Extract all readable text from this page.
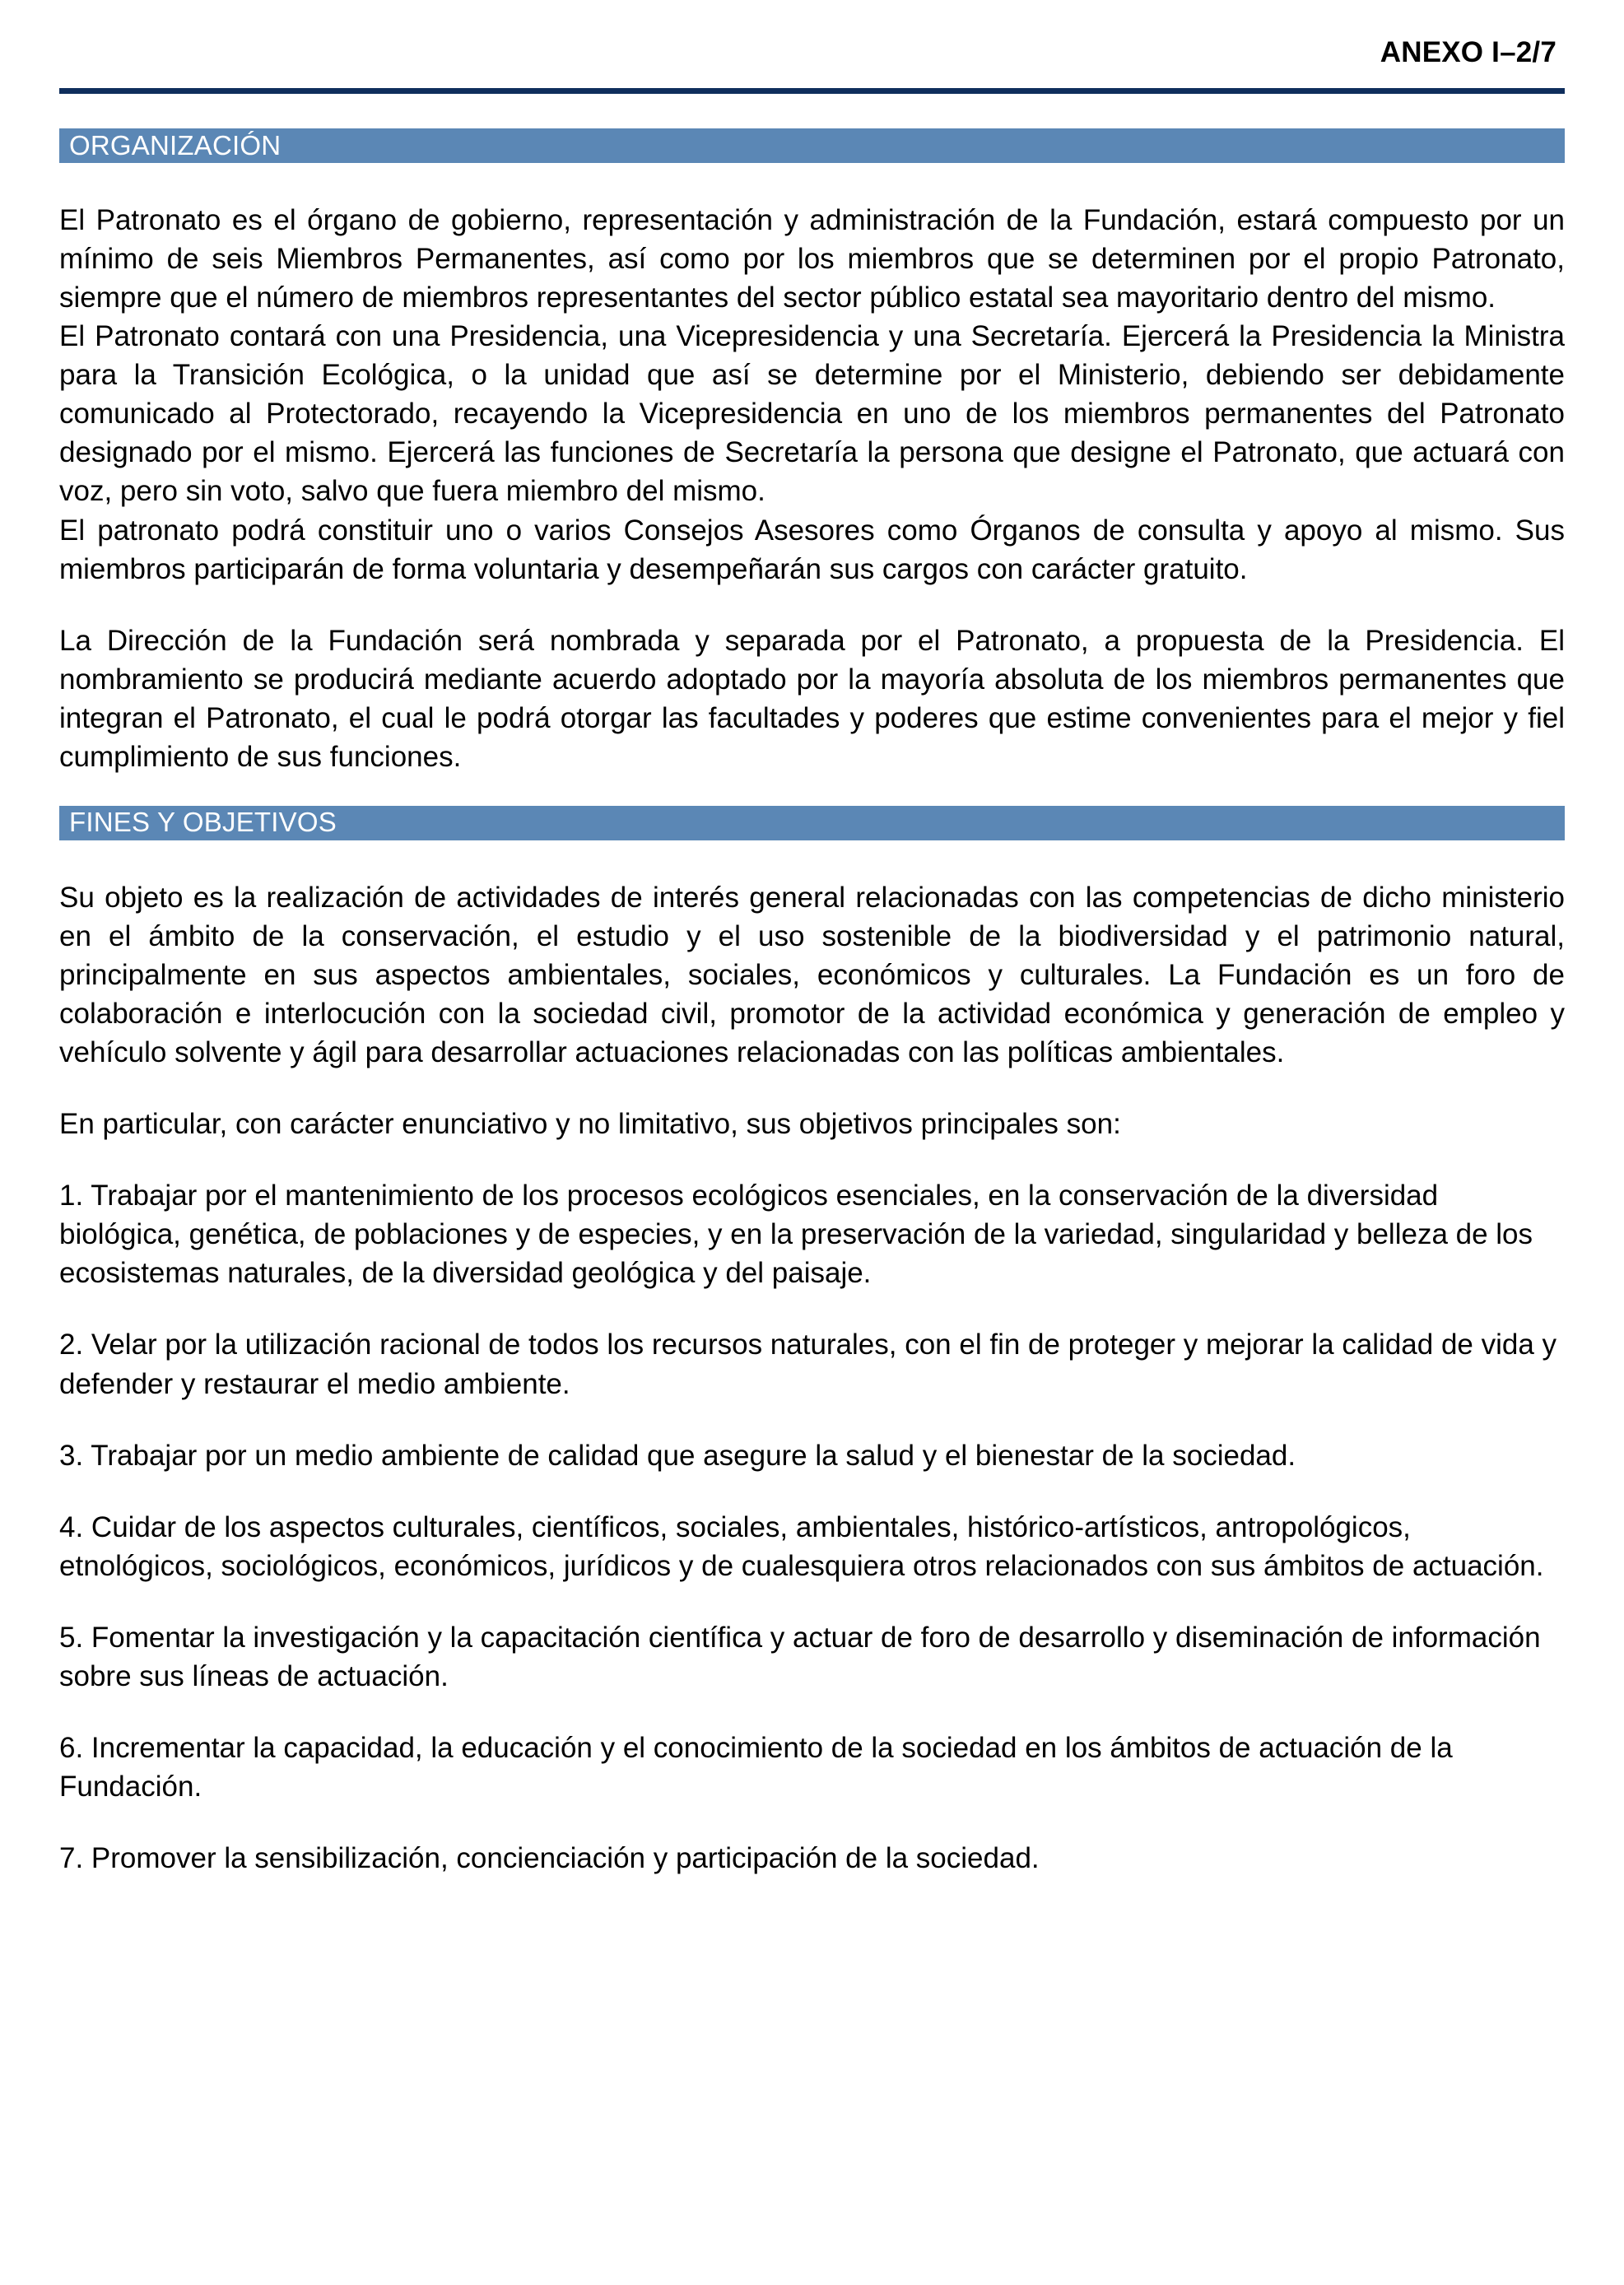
ANEXO I–2/7
ORGANIZACIÓN

El Patronato es el órgano de gobierno, representación y administración de la Fundación, estará compuesto por un mínimo de seis Miembros Permanentes, así como por los miembros que se determinen por el propio Patronato, siempre que el número de miembros representantes del sector público estatal sea mayoritario dentro del mismo.

El Patronato contará con una Presidencia, una Vicepresidencia y una Secretaría. Ejercerá la Presidencia la Ministra para la Transición Ecológica, o la unidad que así se determine por el Ministerio, debiendo ser debidamente comunicado al Protectorado, recayendo la Vicepresidencia en uno de los miembros permanentes del Patronato designado por el mismo. Ejercerá las funciones de Secretaría la persona que designe el Patronato, que actuará con voz, pero sin voto, salvo que fuera miembro del mismo.

El patronato podrá constituir uno o varios Consejos Asesores como Órganos de consulta y apoyo al mismo. Sus miembros participarán de forma voluntaria y desempeñarán sus cargos con carácter gratuito.

La Dirección de la Fundación será nombrada y separada por el Patronato, a propuesta de la Presidencia. El nombramiento se producirá mediante acuerdo adoptado por la mayoría absoluta de los miembros permanentes que integran el Patronato, el cual le podrá otorgar las facultades y poderes que estime convenientes para el mejor y fiel cumplimiento de sus funciones.

FINES Y OBJETIVOS

Su objeto es la realización de actividades de interés general relacionadas con las competencias de dicho ministerio en el ámbito de la conservación, el estudio y el uso sostenible de la biodiversidad y el patrimonio natural, principalmente en sus aspectos ambientales, sociales, económicos y culturales. La Fundación es un foro de colaboración e interlocución con la sociedad civil, promotor de la actividad económica y generación de empleo y vehículo solvente y ágil para desarrollar actuaciones relacionadas con las políticas ambientales.

En particular, con carácter enunciativo y no limitativo, sus objetivos principales son:

1. Trabajar por el mantenimiento de los procesos ecológicos esenciales, en la conservación de la diversidad biológica, genética, de poblaciones y de especies, y en la preservación de la variedad, singularidad y belleza de los ecosistemas naturales, de la diversidad geológica y del paisaje.

2. Velar por la utilización racional de todos los recursos naturales, con el fin de proteger y mejorar la calidad de vida y defender y restaurar el medio ambiente.

3. Trabajar por un medio ambiente de calidad que asegure la salud y el bienestar de la sociedad.

4. Cuidar de los aspectos culturales, científicos, sociales, ambientales, histórico-artísticos, antropológicos, etnológicos, sociológicos, económicos, jurídicos y de cualesquiera otros relacionados con sus ámbitos de actuación.

5. Fomentar la investigación y la capacitación científica y actuar de foro de desarrollo y diseminación de información sobre sus líneas de actuación.

6. Incrementar la capacidad, la educación y el conocimiento de la sociedad en los ámbitos de actuación de la Fundación.

7. Promover la sensibilización, concienciación y participación de la sociedad.
